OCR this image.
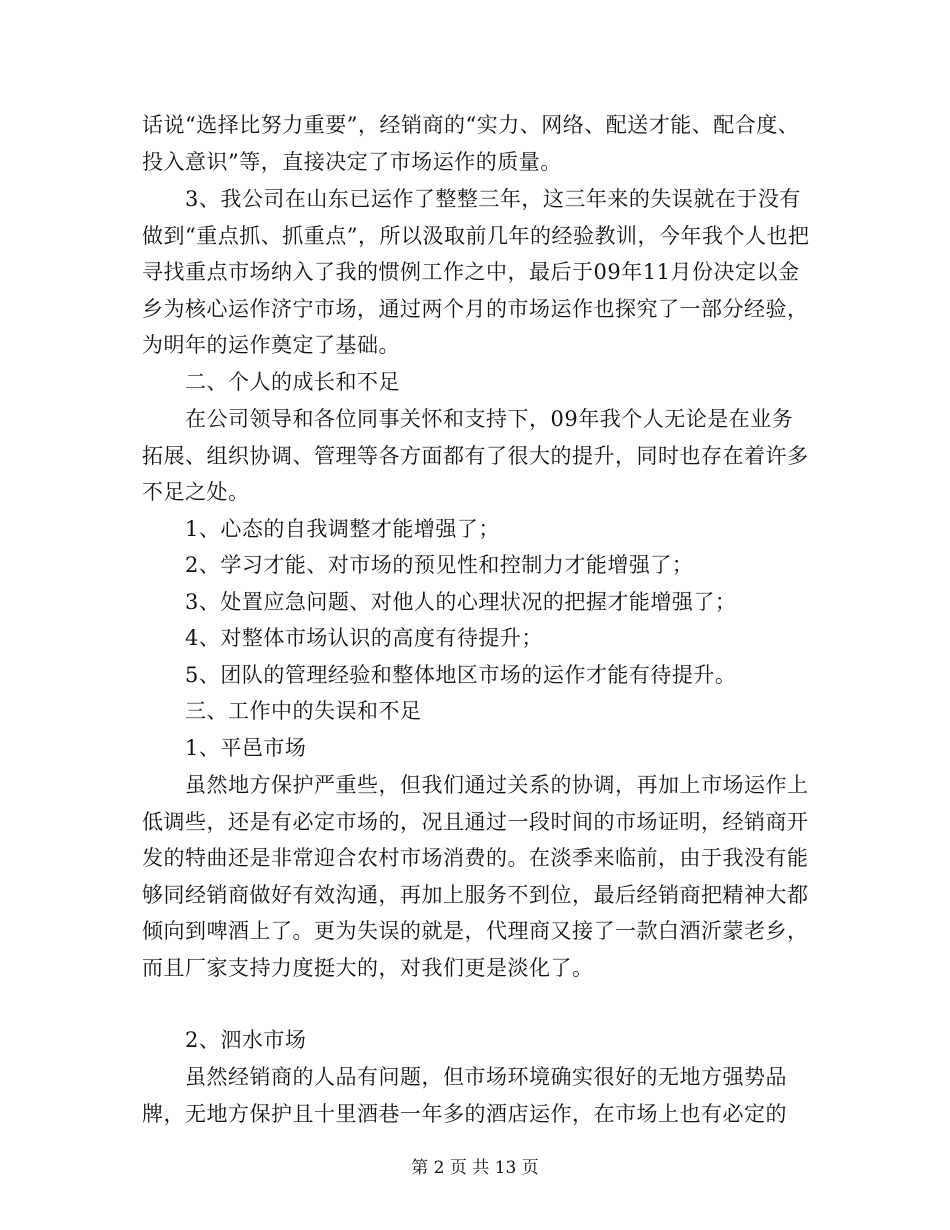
话说“选择比努力重要”，经销商的“实力、网络、配送才能、配合度、投入意识”等，直接决定了市场运作的质量。

　　3、我公司在山东已运作了整整三年，这三年来的失误就在于没有做到“重点抓、抓重点”，所以汲取前几年的经验教训，今年我个人也把寻找重点市场纳入了我的惯例工作之中，最后于09年11月份决定以金乡为核心运作济宁市场，通过两个月的市场运作也探究了一部分经验，为明年的运作奠定了基础。

　　二、个人的成长和不足

　　在公司领导和各位同事关怀和支持下，09年我个人无论是在业务拓展、组织协调、管理等各方面都有了很大的提升，同时也存在着许多不足之处。

　　1、心态的自我调整才能增强了；

　　2、学习才能、对市场的预见性和控制力才能增强了；

　　3、处置应急问题、对他人的心理状况的把握才能增强了；

　　4、对整体市场认识的高度有待提升；

　　5、团队的管理经验和整体地区市场的运作才能有待提升。

　　三、工作中的失误和不足

　　1、平邑市场

　　虽然地方保护严重些，但我们通过关系的协调，再加上市场运作上低调些，还是有必定市场的，况且通过一段时间的市场证明，经销商开发的特曲还是非常迎合农村市场消费的。在淡季来临前，由于我没有能够同经销商做好有效沟通，再加上服务不到位，最后经销商把精神大都倾向到啤酒上了。更为失误的就是，代理商又接了一款白酒沂蒙老乡，而且厂家支持力度挺大的，对我们更是淡化了。

　　2、泗水市场

　　虽然经销商的人品有问题，但市场环境确实很好的无地方强势品牌，无地方保护且十里酒巷一年多的酒店运作，在市场上也有必定的

第 2 页 共 13 页
